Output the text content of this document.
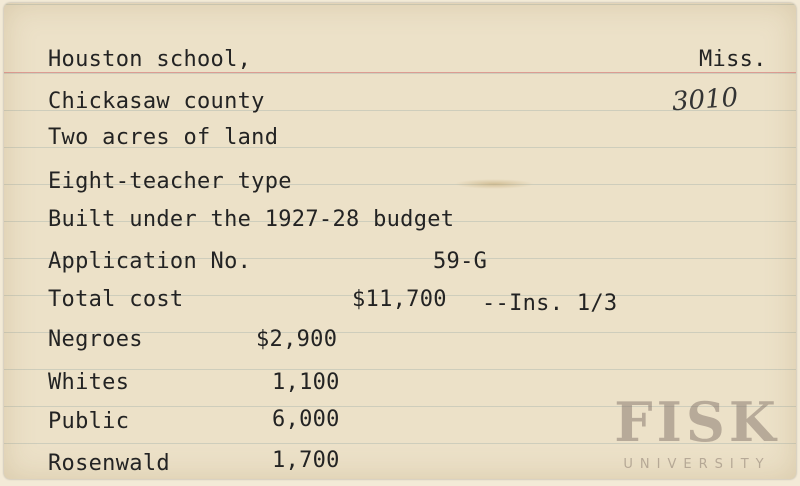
Houston school,	Miss.
Chickasaw county	3010
Two acres of land
Eight-teacher type
Built under the 1927-28 budget
Application No.	59-G
Total cost	$11,700 --Ins. 1/3
Negroes	$2,900
Whites	1,100
Public	6,000
Rosenwald	1,700
FISK
UNIVERSITY
